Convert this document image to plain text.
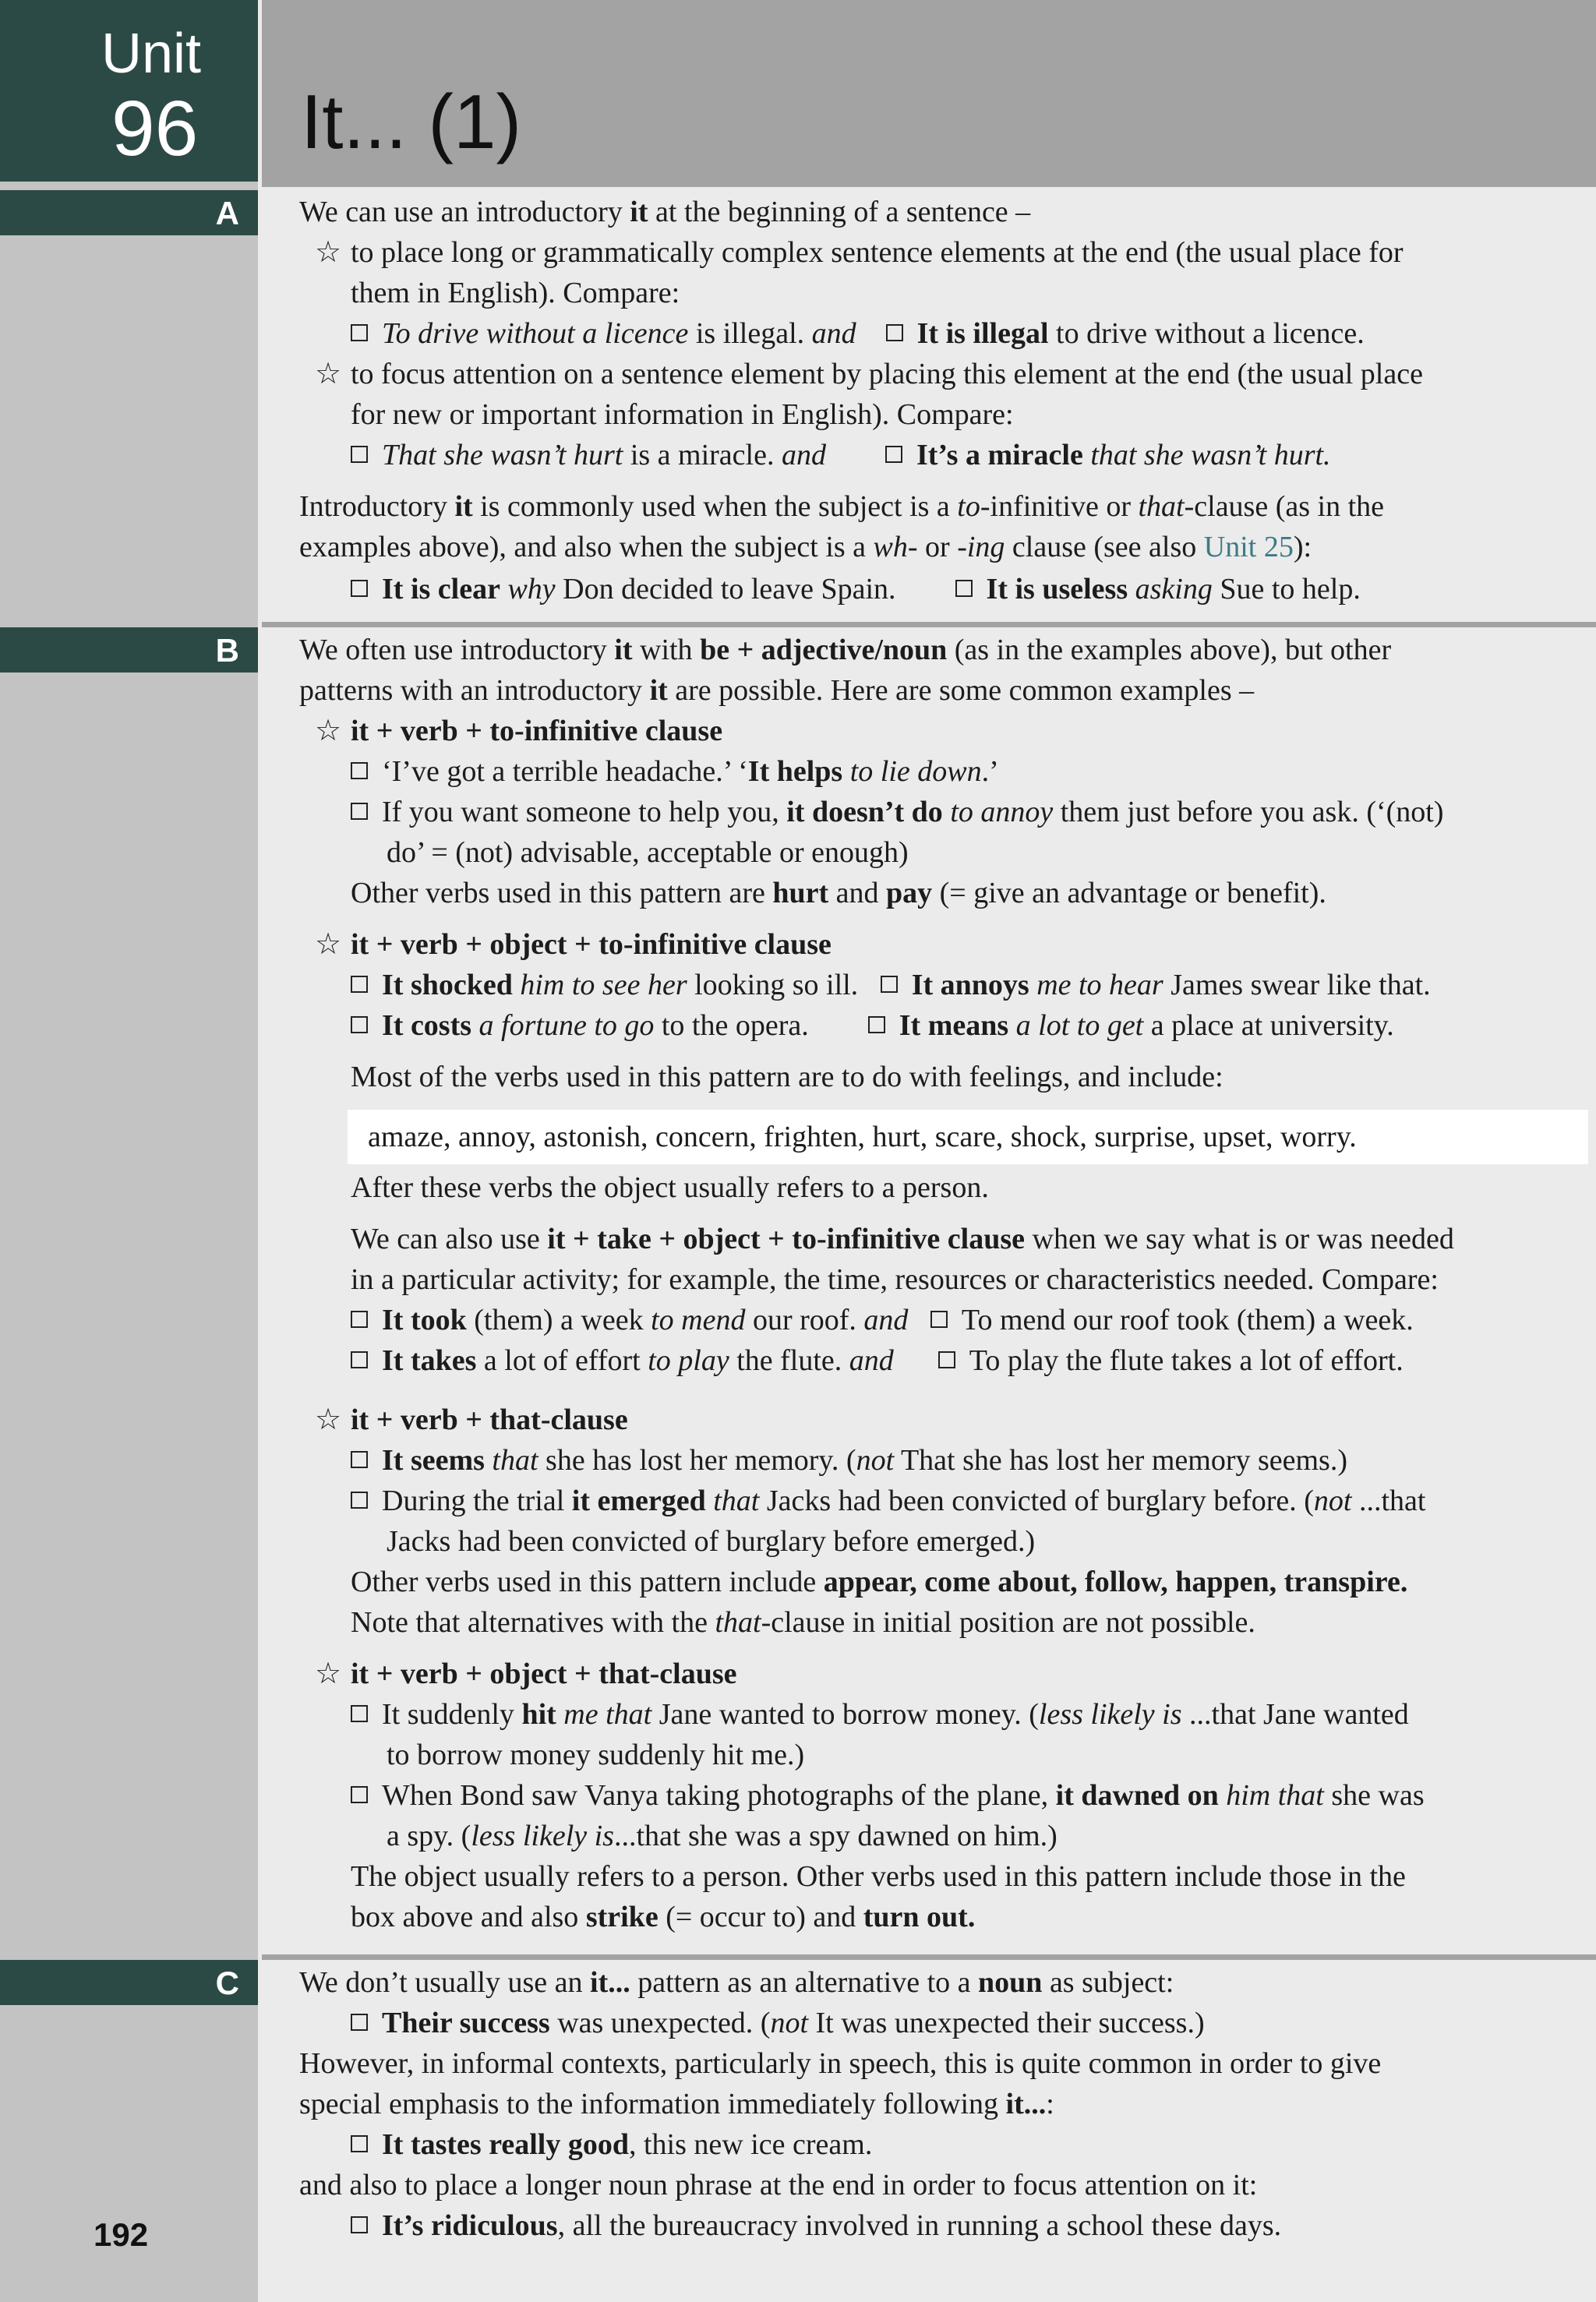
Unit
96 It... (1)
A
B
C
amaze, annoy, astonish, concern, frighten, hurt, scare, shock, surprise, upset, worry.
We can use an introductory it at the beginning of a sentence –
☆ to place long or grammatically complex sentence elements at the end (the usual place for
them in English). Compare:
To drive without a licence is illegal. and It is illegal to drive without a licence.
☆ to focus attention on a sentence element by placing this element at the end (the usual place
for new or important information in English). Compare:
That she wasn’t hurt is a miracle. and	It’s a miracle that she wasn’t hurt.
Introductory it is commonly used when the subject is a to-infinitive or that-clause (as in the
examples above), and also when the subject is a wh- or -ing clause (see also Unit 25):
It is clear why Don decided to leave Spain.        It is useless asking Sue to help.
We often use introductory it with be + adjective/noun (as in the examples above), but other
patterns with an introductory it are possible. Here are some common examples –
☆ it + verb + to-infinitive clause
‘I’ve got a terrible headache.’ ‘It helps to lie down.’
If you want someone to help you, it doesn’t do to annoy them just before you ask. (‘(not)
do’ = (not) advisable, acceptable or enough)
Other verbs used in this pattern are hurt and pay (= give an advantage or benefit).
☆ it + verb + object + to-infinitive clause
It shocked him to see her looking so ill.   It annoys me to hear James swear like that.
It costs a fortune to go to the opera.        It means a lot to get a place at university.
Most of the verbs used in this pattern are to do with feelings, and include:
After these verbs the object usually refers to a person.
We can also use it + take + object + to-infinitive clause when we say what is or was needed
in a particular activity; for example, the time, resources or characteristics needed. Compare:
It took (them) a week to mend our roof. and To mend our roof took (them) a week.
It takes a lot of effort to play the flute. and	To play the flute takes a lot of effort.
☆ it + verb + that-clause
It seems that she has lost her memory. (not That she has lost her memory seems.)
During the trial it emerged that Jacks had been convicted of burglary before. (not ...that
Jacks had been convicted of burglary before emerged.)
Other verbs used in this pattern include appear, come about, follow, happen, transpire.
Note that alternatives with the that-clause in initial position are not possible.
☆ it + verb + object + that-clause
It suddenly hit me that Jane wanted to borrow money. (less likely is ...that Jane wanted
to borrow money suddenly hit me.)
When Bond saw Vanya taking photographs of the plane, it dawned on him that she was
a spy. (less likely is...that she was a spy dawned on him.)
The object usually refers to a person. Other verbs used in this pattern include those in the
box above and also strike (= occur to) and turn out.
We don’t usually use an it... pattern as an alternative to a noun as subject:
Their success was unexpected. (not It was unexpected their success.)
However, in informal contexts, particularly in speech, this is quite common in order to give
special emphasis to the information immediately following it...:
It tastes really good, this new ice cream.
and also to place a longer noun phrase at the end in order to focus attention on it:
It’s ridiculous, all the bureaucracy involved in running a school these days.
192
